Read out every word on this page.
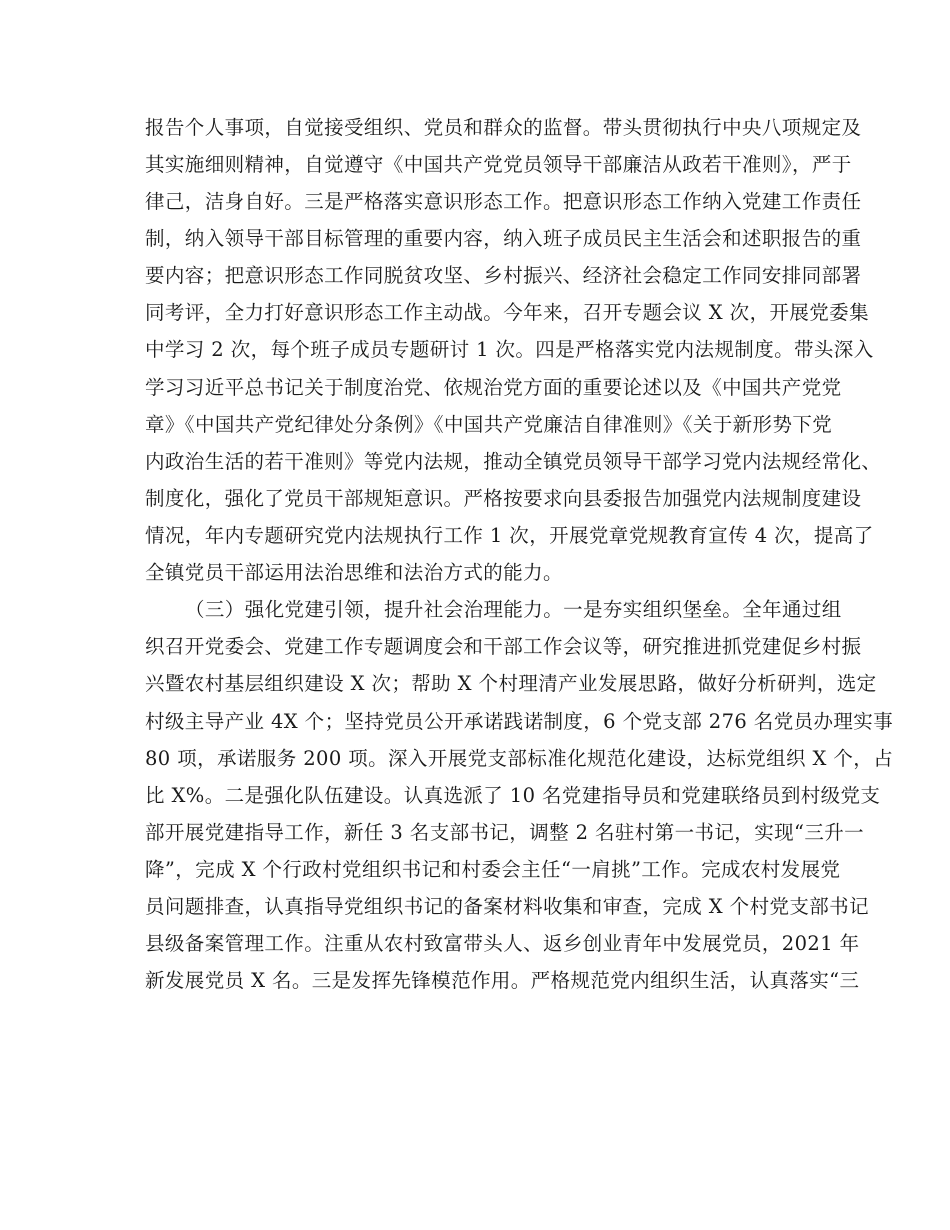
报告个人事项，自觉接受组织、党员和群众的监督。带头贯彻执行中央八项规定及
其实施细则精神，自觉遵守《中国共产党党员领导干部廉洁从政若干准则》，严于
律己，洁身自好。三是严格落实意识形态工作。把意识形态工作纳入党建工作责任
制，纳入领导干部目标管理的重要内容，纳入班子成员民主生活会和述职报告的重
要内容；把意识形态工作同脱贫攻坚、乡村振兴、经济社会稳定工作同安排同部署
同考评，全力打好意识形态工作主动战。今年来，召开专题会议 X 次，开展党委集
中学习 2 次，每个班子成员专题研讨 1 次。四是严格落实党内法规制度。带头深入
学习习近平总书记关于制度治党、依规治党方面的重要论述以及《中国共产党党
章》《中国共产党纪律处分条例》《中国共产党廉洁自律准则》《关于新形势下党
内政治生活的若干准则》等党内法规，推动全镇党员领导干部学习党内法规经常化、
制度化，强化了党员干部规矩意识。严格按要求向县委报告加强党内法规制度建设
情况，年内专题研究党内法规执行工作 1 次，开展党章党规教育宣传 4 次，提高了
全镇党员干部运用法治思维和法治方式的能力。
（三）强化党建引领，提升社会治理能力。一是夯实组织堡垒。全年通过组
织召开党委会、党建工作专题调度会和干部工作会议等，研究推进抓党建促乡村振
兴暨农村基层组织建设 X 次；帮助 X 个村理清产业发展思路，做好分析研判，选定
村级主导产业 4X 个；坚持党员公开承诺践诺制度，6 个党支部 276 名党员办理实事
80 项，承诺服务 200 项。深入开展党支部标准化规范化建设，达标党组织 X 个，占
比 X%。二是强化队伍建设。认真选派了 10 名党建指导员和党建联络员到村级党支
部开展党建指导工作，新任 3 名支部书记，调整 2 名驻村第一书记，实现“三升一
降”，完成 X 个行政村党组织书记和村委会主任“一肩挑”工作。完成农村发展党
员问题排查，认真指导党组织书记的备案材料收集和审查，完成 X 个村党支部书记
县级备案管理工作。注重从农村致富带头人、返乡创业青年中发展党员，2021 年
新发展党员 X 名。三是发挥先锋模范作用。严格规范党内组织生活，认真落实“三
